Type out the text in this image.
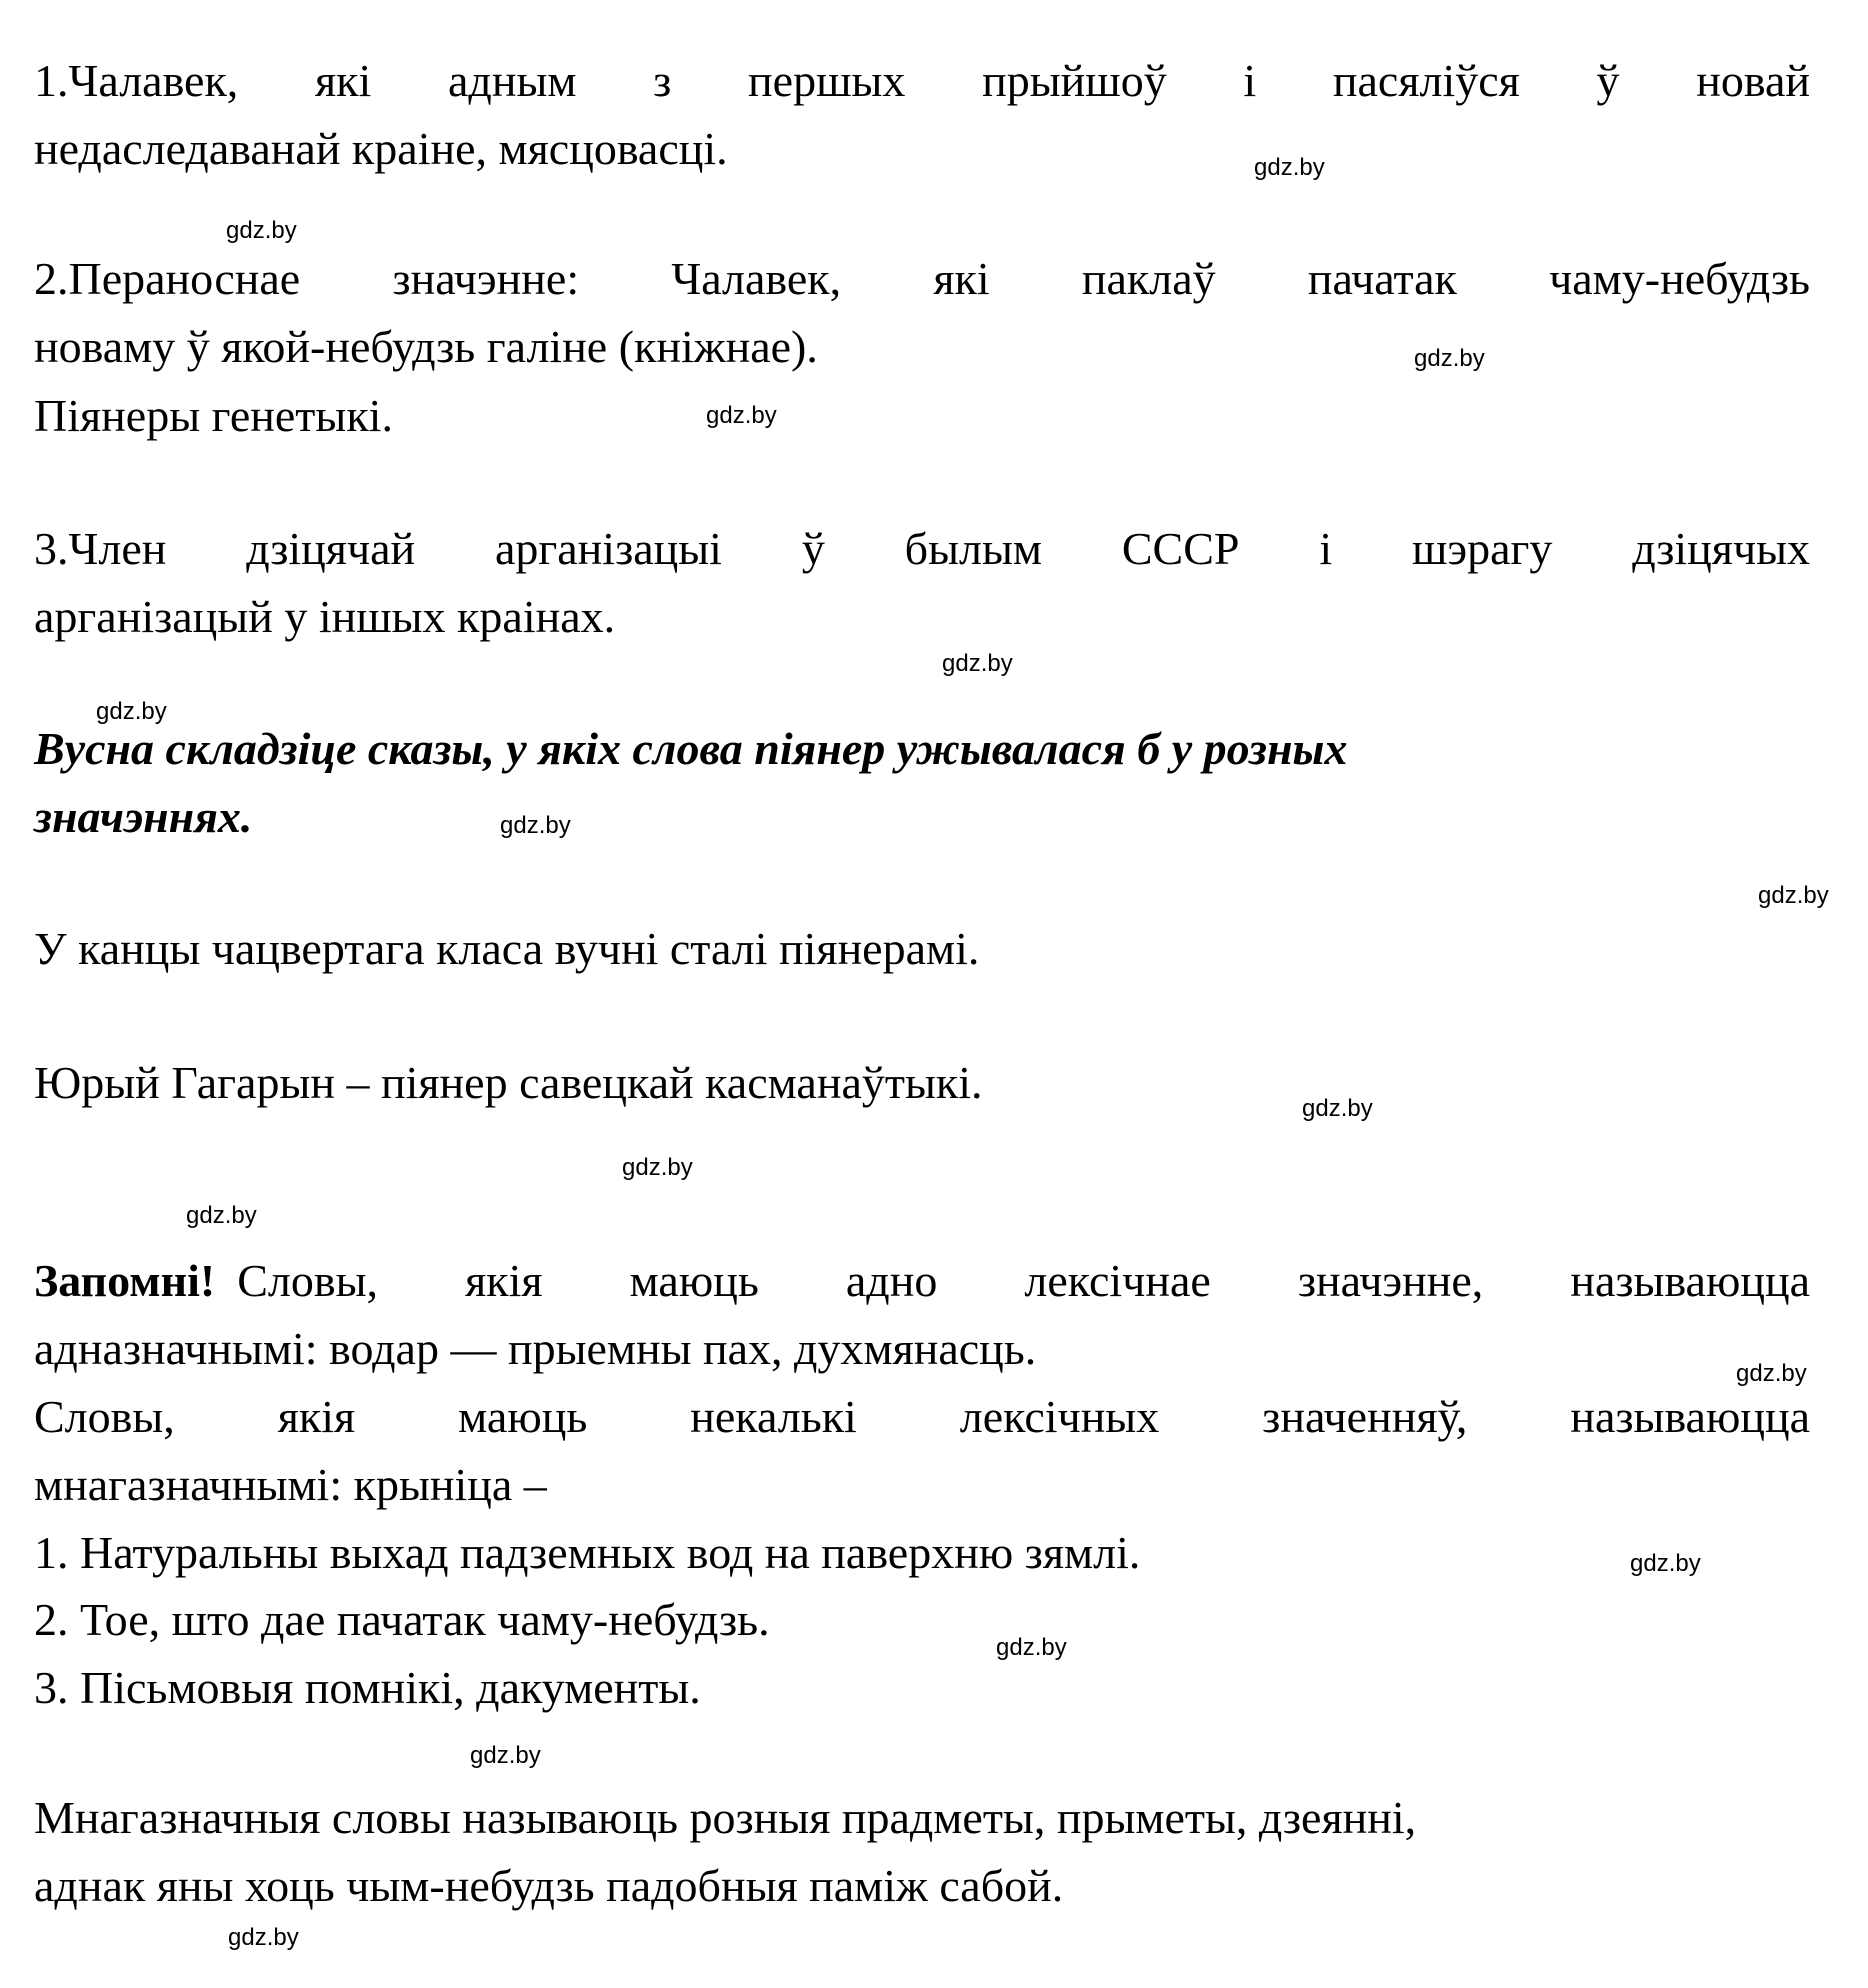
1.Чалавек, які адным з першых прыйшоў і пасяліўся ў новай
недаследаванай краіне, мясцовасці.
2.Пераноснае значэнне: Чалавек, які паклаў пачатак чаму-небудзь
новаму ў якой-небудзь галіне (кніжнае).
Піянеры генетыкі.
3.Член дзіцячай арганізацыі ў былым СССР і шэрагу дзіцячых
арганізацый у іншых краінах.
Вусна складзіце сказы, у якіх слова піянер ужывалася б у розных
значэннях.
У канцы чацвертага класа вучні сталі піянерамі.
Юрый Гагарын – піянер савецкай касманаўтыкі.
Запомні! Словы, якія маюць адно лексічнае значэнне, называюцца
адназначнымі: водар — прыемны пах, духмянасць.
Словы, якія маюць некалькі лексічных значенняў, называюцца
мнагазначнымі: крыніца –
1. Натуральны выхад падземных вод на паверхню зямлі.
2. Тое, што дае пачатак чаму-небудзь.
3. Пісьмовыя помнікі, дакументы.
Мнагазначныя словы называюць розныя прадметы, прыметы, дзеянні,
аднак яны хоць чым-небудзь падобныя паміж сабой.
gdz.by
gdz.by
gdz.by
gdz.by
gdz.by
gdz.by
gdz.by
gdz.by
gdz.by
gdz.by
gdz.by
gdz.by
gdz.by
gdz.by
gdz.by
gdz.by
